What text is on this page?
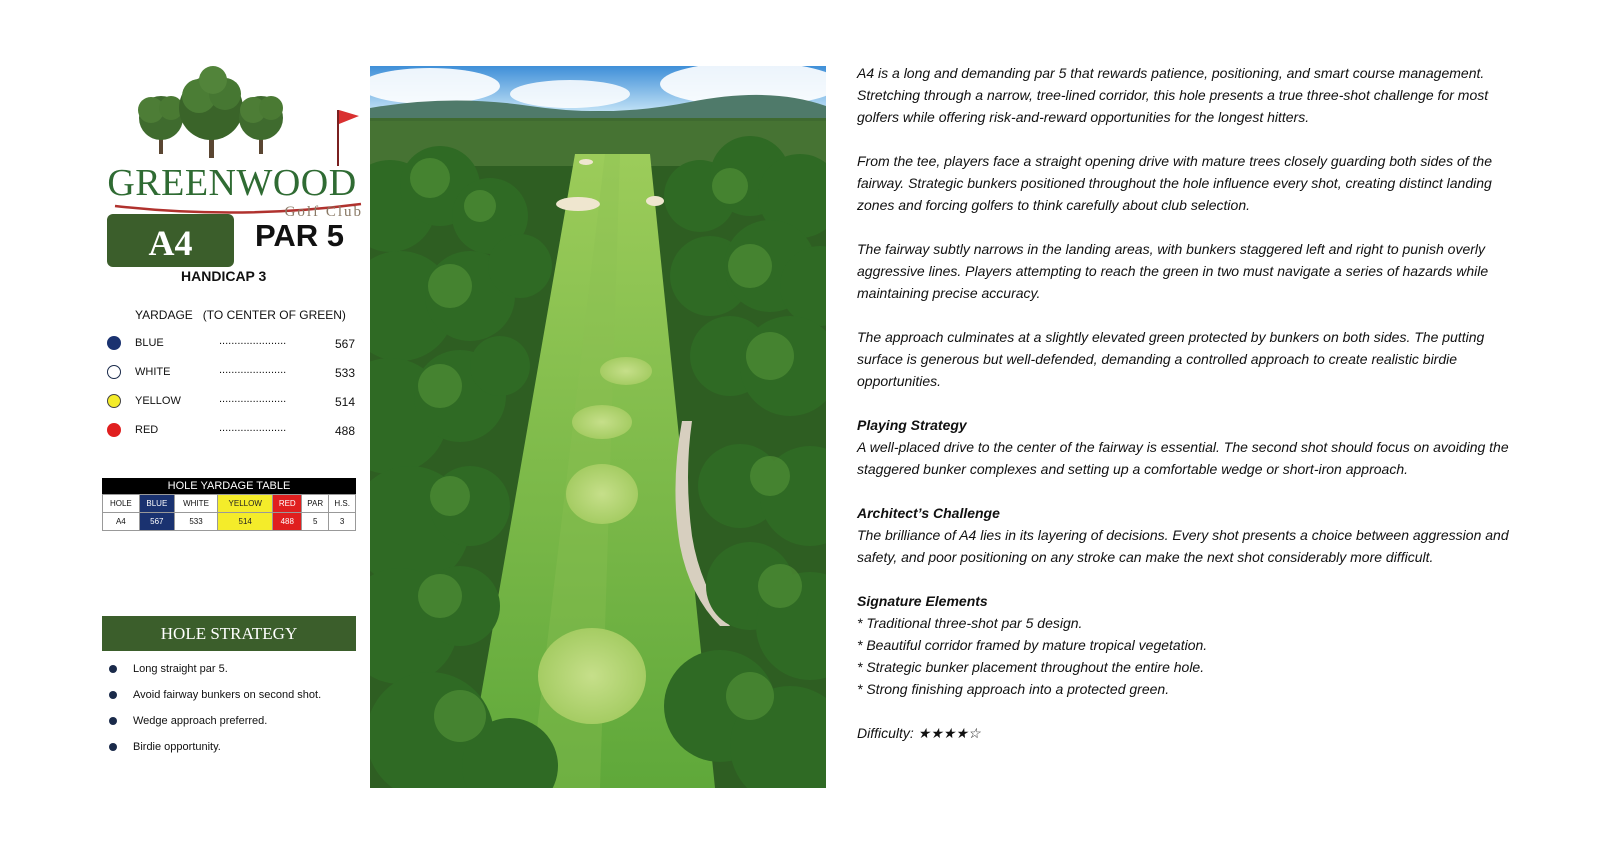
GREENWOOD
Golf Club
A4	PAR 5
HANDICAP 3
YARDAGE   (TO CENTER OF GREEN)
BLUE	......................	567
WHITE	......................	533
YELLOW	......................	514
RED	......................	488
HOLE YARDAGE TABLE
HOLE	BLUE	WHITE	YELLOW	RED	PAR	H.S.
A4	567	533	514	488	5	3
HOLE STRATEGY
Long straight par 5.
Avoid fairway bunkers on second shot.
Wedge approach preferred.
Birdie opportunity.

A4 is a long and demanding par 5 that rewards patience, positioning, and smart course management. Stretching through a narrow, tree-lined corridor, this hole presents a true three-shot challenge for most golfers while offering risk-and-reward opportunities for the longest hitters.

From the tee, players face a straight opening drive with mature trees closely guarding both sides of the fairway. Strategic bunkers positioned throughout the hole influence every shot, creating distinct landing zones and forcing golfers to think carefully about club selection.

The fairway subtly narrows in the landing areas, with bunkers staggered left and right to punish overly aggressive lines. Players attempting to reach the green in two must navigate a series of hazards while maintaining precise accuracy.

The approach culminates at a slightly elevated green protected by bunkers on both sides. The putting surface is generous but well-defended, demanding a controlled approach to create realistic birdie opportunities.

Playing Strategy

A well-placed drive to the center of the fairway is essential. The second shot should focus on avoiding the staggered bunker complexes and setting up a comfortable wedge or short-iron approach.

Architect’s Challenge

The brilliance of A4 lies in its layering of decisions. Every shot presents a choice between aggression and safety, and poor positioning on any stroke can make the next shot considerably more difficult.

Signature Elements
* Traditional three-shot par 5 design.
* Beautiful corridor framed by mature tropical vegetation.
* Strategic bunker placement throughout the entire hole.
* Strong finishing approach into a protected green.
Difficulty: ★★★★☆
